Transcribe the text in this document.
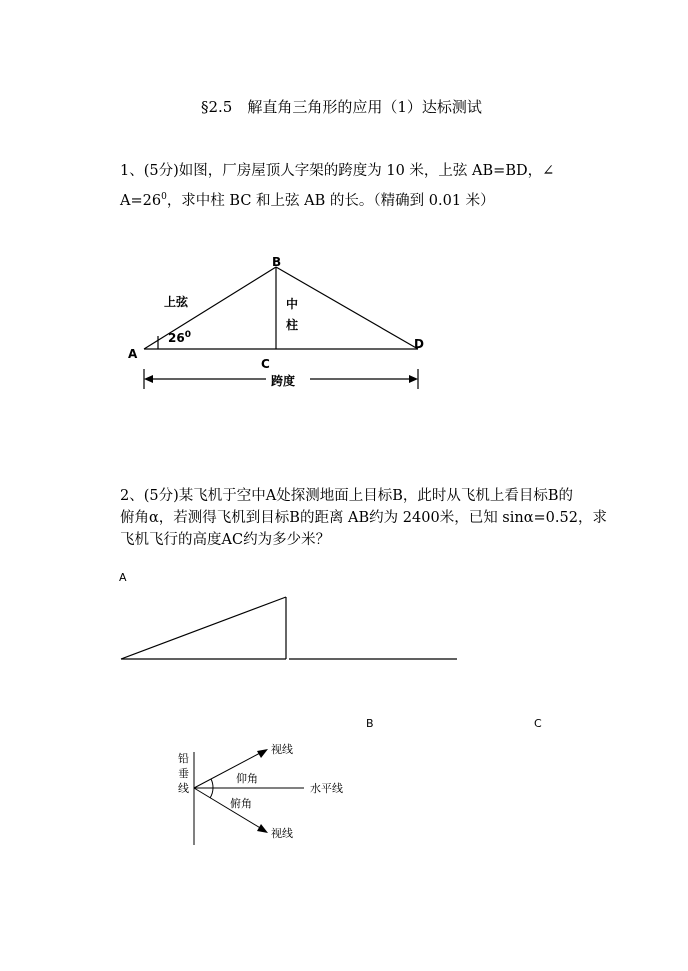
§2.5　解直角三角形的应用（1）达标测试
1、(5分)如图，厂房屋顶人字架的跨度为 10 米，上弦 AB=BD，∠
$A=26^0$，求中柱 BC 和上弦 AB 的长。（精确到 0.01 米）
A
B
C
D
上弦	中
柱
$26^0$
跨度
2、(5分)某飞机于空中A处探测地面上目标B，此时从飞机上看目标B的
俯角α，若测得飞机到目标B的距离 AB约为 2400米，已知 sinα=0.52，求
飞机飞行的高度AC约为多少米？
A
B	C
铅
垂
线
视线
仰角
水平线
俯角
视线
